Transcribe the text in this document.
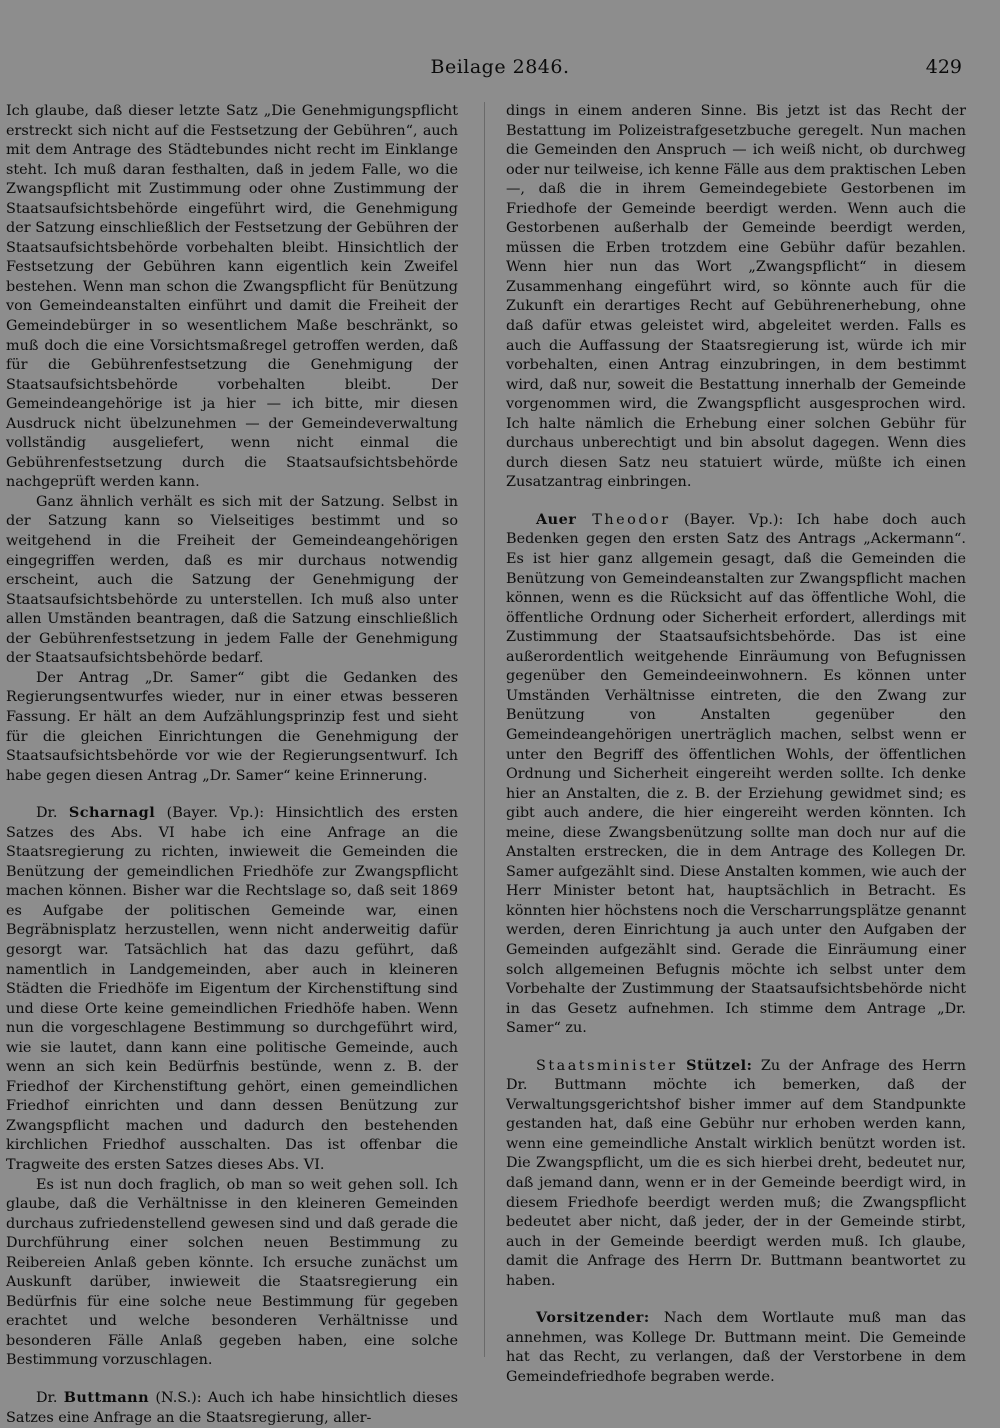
Beilage 2846.	429

Ich glaube, daß dieser letzte Satz „Die Genehmigungspflicht erstreckt sich nicht auf die Festsetzung der Gebühren“, auch mit dem Antrage des Städtebundes nicht recht im Einklange steht. Ich muß daran festhalten, daß in jedem Falle, wo die Zwangspflicht mit Zustimmung oder ohne Zustimmung der Staatsaufsichtsbehörde eingeführt wird, die Genehmigung der Satzung einschließlich der Festsetzung der Gebühren der Staatsaufsichtsbehörde vorbehalten bleibt. Hinsichtlich der Festsetzung der Gebühren kann eigentlich kein Zweifel bestehen. Wenn man schon die Zwangspflicht für Benützung von Gemeindeanstalten einführt und damit die Freiheit der Gemeindebürger in so wesentlichem Maße beschränkt, so muß doch die eine Vorsichtsmaßregel getroffen werden, daß für die Gebührenfestsetzung die Genehmigung der Staatsaufsichtsbehörde vorbehalten bleibt. Der Gemeindeangehörige ist ja hier — ich bitte, mir diesen Ausdruck nicht übelzunehmen — der Gemeindeverwaltung vollständig ausgeliefert, wenn nicht einmal die Gebührenfestsetzung durch die Staatsaufsichtsbehörde nachgeprüft werden kann.

Ganz ähnlich verhält es sich mit der Satzung. Selbst in der Satzung kann so Vielseitiges bestimmt und so weitgehend in die Freiheit der Gemeindeangehörigen eingegriffen werden, daß es mir durchaus notwendig erscheint, auch die Satzung der Genehmigung der Staatsaufsichtsbehörde zu unterstellen. Ich muß also unter allen Umständen beantragen, daß die Satzung einschließlich der Gebührenfestsetzung in jedem Falle der Genehmigung der Staatsaufsichtsbehörde bedarf.

Der Antrag „Dr. Samer“ gibt die Gedanken des Regierungsentwurfes wieder, nur in einer etwas besseren Fassung. Er hält an dem Aufzählungsprinzip fest und sieht für die gleichen Einrichtungen die Genehmigung der Staatsaufsichtsbehörde vor wie der Regierungsentwurf. Ich habe gegen diesen Antrag „Dr. Samer“ keine Erinnerung.

Dr. Scharnagl (Bayer. Vp.): Hinsichtlich des ersten Satzes des Abs. VI habe ich eine Anfrage an die Staatsregierung zu richten, inwieweit die Gemeinden die Benützung der gemeindlichen Friedhöfe zur Zwangspflicht machen können. Bisher war die Rechtslage so, daß seit 1869 es Aufgabe der politischen Gemeinde war, einen Begräbnisplatz herzustellen, wenn nicht anderweitig dafür gesorgt war. Tatsächlich hat das dazu geführt, daß namentlich in Landgemeinden, aber auch in kleineren Städten die Friedhöfe im Eigentum der Kirchenstiftung sind und diese Orte keine gemeindlichen Friedhöfe haben. Wenn nun die vorgeschlagene Bestimmung so durchgeführt wird, wie sie lautet, dann kann eine politische Gemeinde, auch wenn an sich kein Bedürfnis bestünde, wenn z. B. der Friedhof der Kirchenstiftung gehört, einen gemeindlichen Friedhof einrichten und dann dessen Benützung zur Zwangspflicht machen und dadurch den bestehenden kirchlichen Friedhof ausschalten. Das ist offenbar die Tragweite des ersten Satzes dieses Abs. VI.

Es ist nun doch fraglich, ob man so weit gehen soll. Ich glaube, daß die Verhältnisse in den kleineren Gemeinden durchaus zufriedenstellend gewesen sind und daß gerade die Durchführung einer solchen neuen Bestimmung zu Reibereien Anlaß geben könnte. Ich ersuche zunächst um Auskunft darüber, inwieweit die Staatsregierung ein Bedürfnis für eine solche neue Bestimmung für gegeben erachtet und welche besonderen Verhältnisse und besonderen Fälle Anlaß gegeben haben, eine solche Bestimmung vorzuschlagen.

Dr. Buttmann (N.S.): Auch ich habe hinsichtlich dieses Satzes eine Anfrage an die Staatsregierung, aller-

dings in einem anderen Sinne. Bis jetzt ist das Recht der Bestattung im Polizeistrafgesetzbuche geregelt. Nun machen die Gemeinden den Anspruch — ich weiß nicht, ob durchweg oder nur teilweise, ich kenne Fälle aus dem praktischen Leben —, daß die in ihrem Gemeindegebiete Gestorbenen im Friedhofe der Gemeinde beerdigt werden. Wenn auch die Gestorbenen außerhalb der Gemeinde beerdigt werden, müssen die Erben trotzdem eine Gebühr dafür bezahlen. Wenn hier nun das Wort „Zwangspflicht“ in diesem Zusammenhang eingeführt wird, so könnte auch für die Zukunft ein derartiges Recht auf Gebührenerhebung, ohne daß dafür etwas geleistet wird, abgeleitet werden. Falls es auch die Auffassung der Staatsregierung ist, würde ich mir vorbehalten, einen Antrag einzubringen, in dem bestimmt wird, daß nur, soweit die Bestattung innerhalb der Gemeinde vorgenommen wird, die Zwangspflicht ausgesprochen wird. Ich halte nämlich die Erhebung einer solchen Gebühr für durchaus unberechtigt und bin absolut dagegen. Wenn dies durch diesen Satz neu statuiert würde, müßte ich einen Zusatzantrag einbringen.

Auer Theodor (Bayer. Vp.): Ich habe doch auch Bedenken gegen den ersten Satz des Antrags „Ackermann“. Es ist hier ganz allgemein gesagt, daß die Gemeinden die Benützung von Gemeindeanstalten zur Zwangspflicht machen können, wenn es die Rücksicht auf das öffentliche Wohl, die öffentliche Ordnung oder Sicherheit erfordert, allerdings mit Zustimmung der Staatsaufsichtsbehörde. Das ist eine außerordentlich weitgehende Einräumung von Befugnissen gegenüber den Gemeindeeinwohnern. Es können unter Umständen Verhältnisse eintreten, die den Zwang zur Benützung von Anstalten gegenüber den Gemeindeangehörigen unerträglich machen, selbst wenn er unter den Begriff des öffentlichen Wohls, der öffentlichen Ordnung und Sicherheit eingereiht werden sollte. Ich denke hier an Anstalten, die z. B. der Erziehung gewidmet sind; es gibt auch andere, die hier eingereiht werden könnten. Ich meine, diese Zwangsbenützung sollte man doch nur auf die Anstalten erstrecken, die in dem Antrage des Kollegen Dr. Samer aufgezählt sind. Diese Anstalten kommen, wie auch der Herr Minister betont hat, hauptsächlich in Betracht. Es könnten hier höchstens noch die Verscharrungsplätze genannt werden, deren Einrichtung ja auch unter den Aufgaben der Gemeinden aufgezählt sind. Gerade die Einräumung einer solch allgemeinen Befugnis möchte ich selbst unter dem Vorbehalte der Zustimmung der Staatsaufsichtsbehörde nicht in das Gesetz aufnehmen. Ich stimme dem Antrage „Dr. Samer“ zu.

Staatsminister Stützel: Zu der Anfrage des Herrn Dr. Buttmann möchte ich bemerken, daß der Verwaltungsgerichtshof bisher immer auf dem Standpunkte gestanden hat, daß eine Gebühr nur erhoben werden kann, wenn eine gemeindliche Anstalt wirklich benützt worden ist. Die Zwangspflicht, um die es sich hierbei dreht, bedeutet nur, daß jemand dann, wenn er in der Gemeinde beerdigt wird, in diesem Friedhofe beerdigt werden muß; die Zwangspflicht bedeutet aber nicht, daß jeder, der in der Gemeinde stirbt, auch in der Gemeinde beerdigt werden muß. Ich glaube, damit die Anfrage des Herrn Dr. Buttmann beantwortet zu haben.

Vorsitzender: Nach dem Wortlaute muß man das annehmen, was Kollege Dr. Buttmann meint. Die Gemeinde hat das Recht, zu verlangen, daß der Verstorbene in dem Gemeindefriedhofe begraben werde.
